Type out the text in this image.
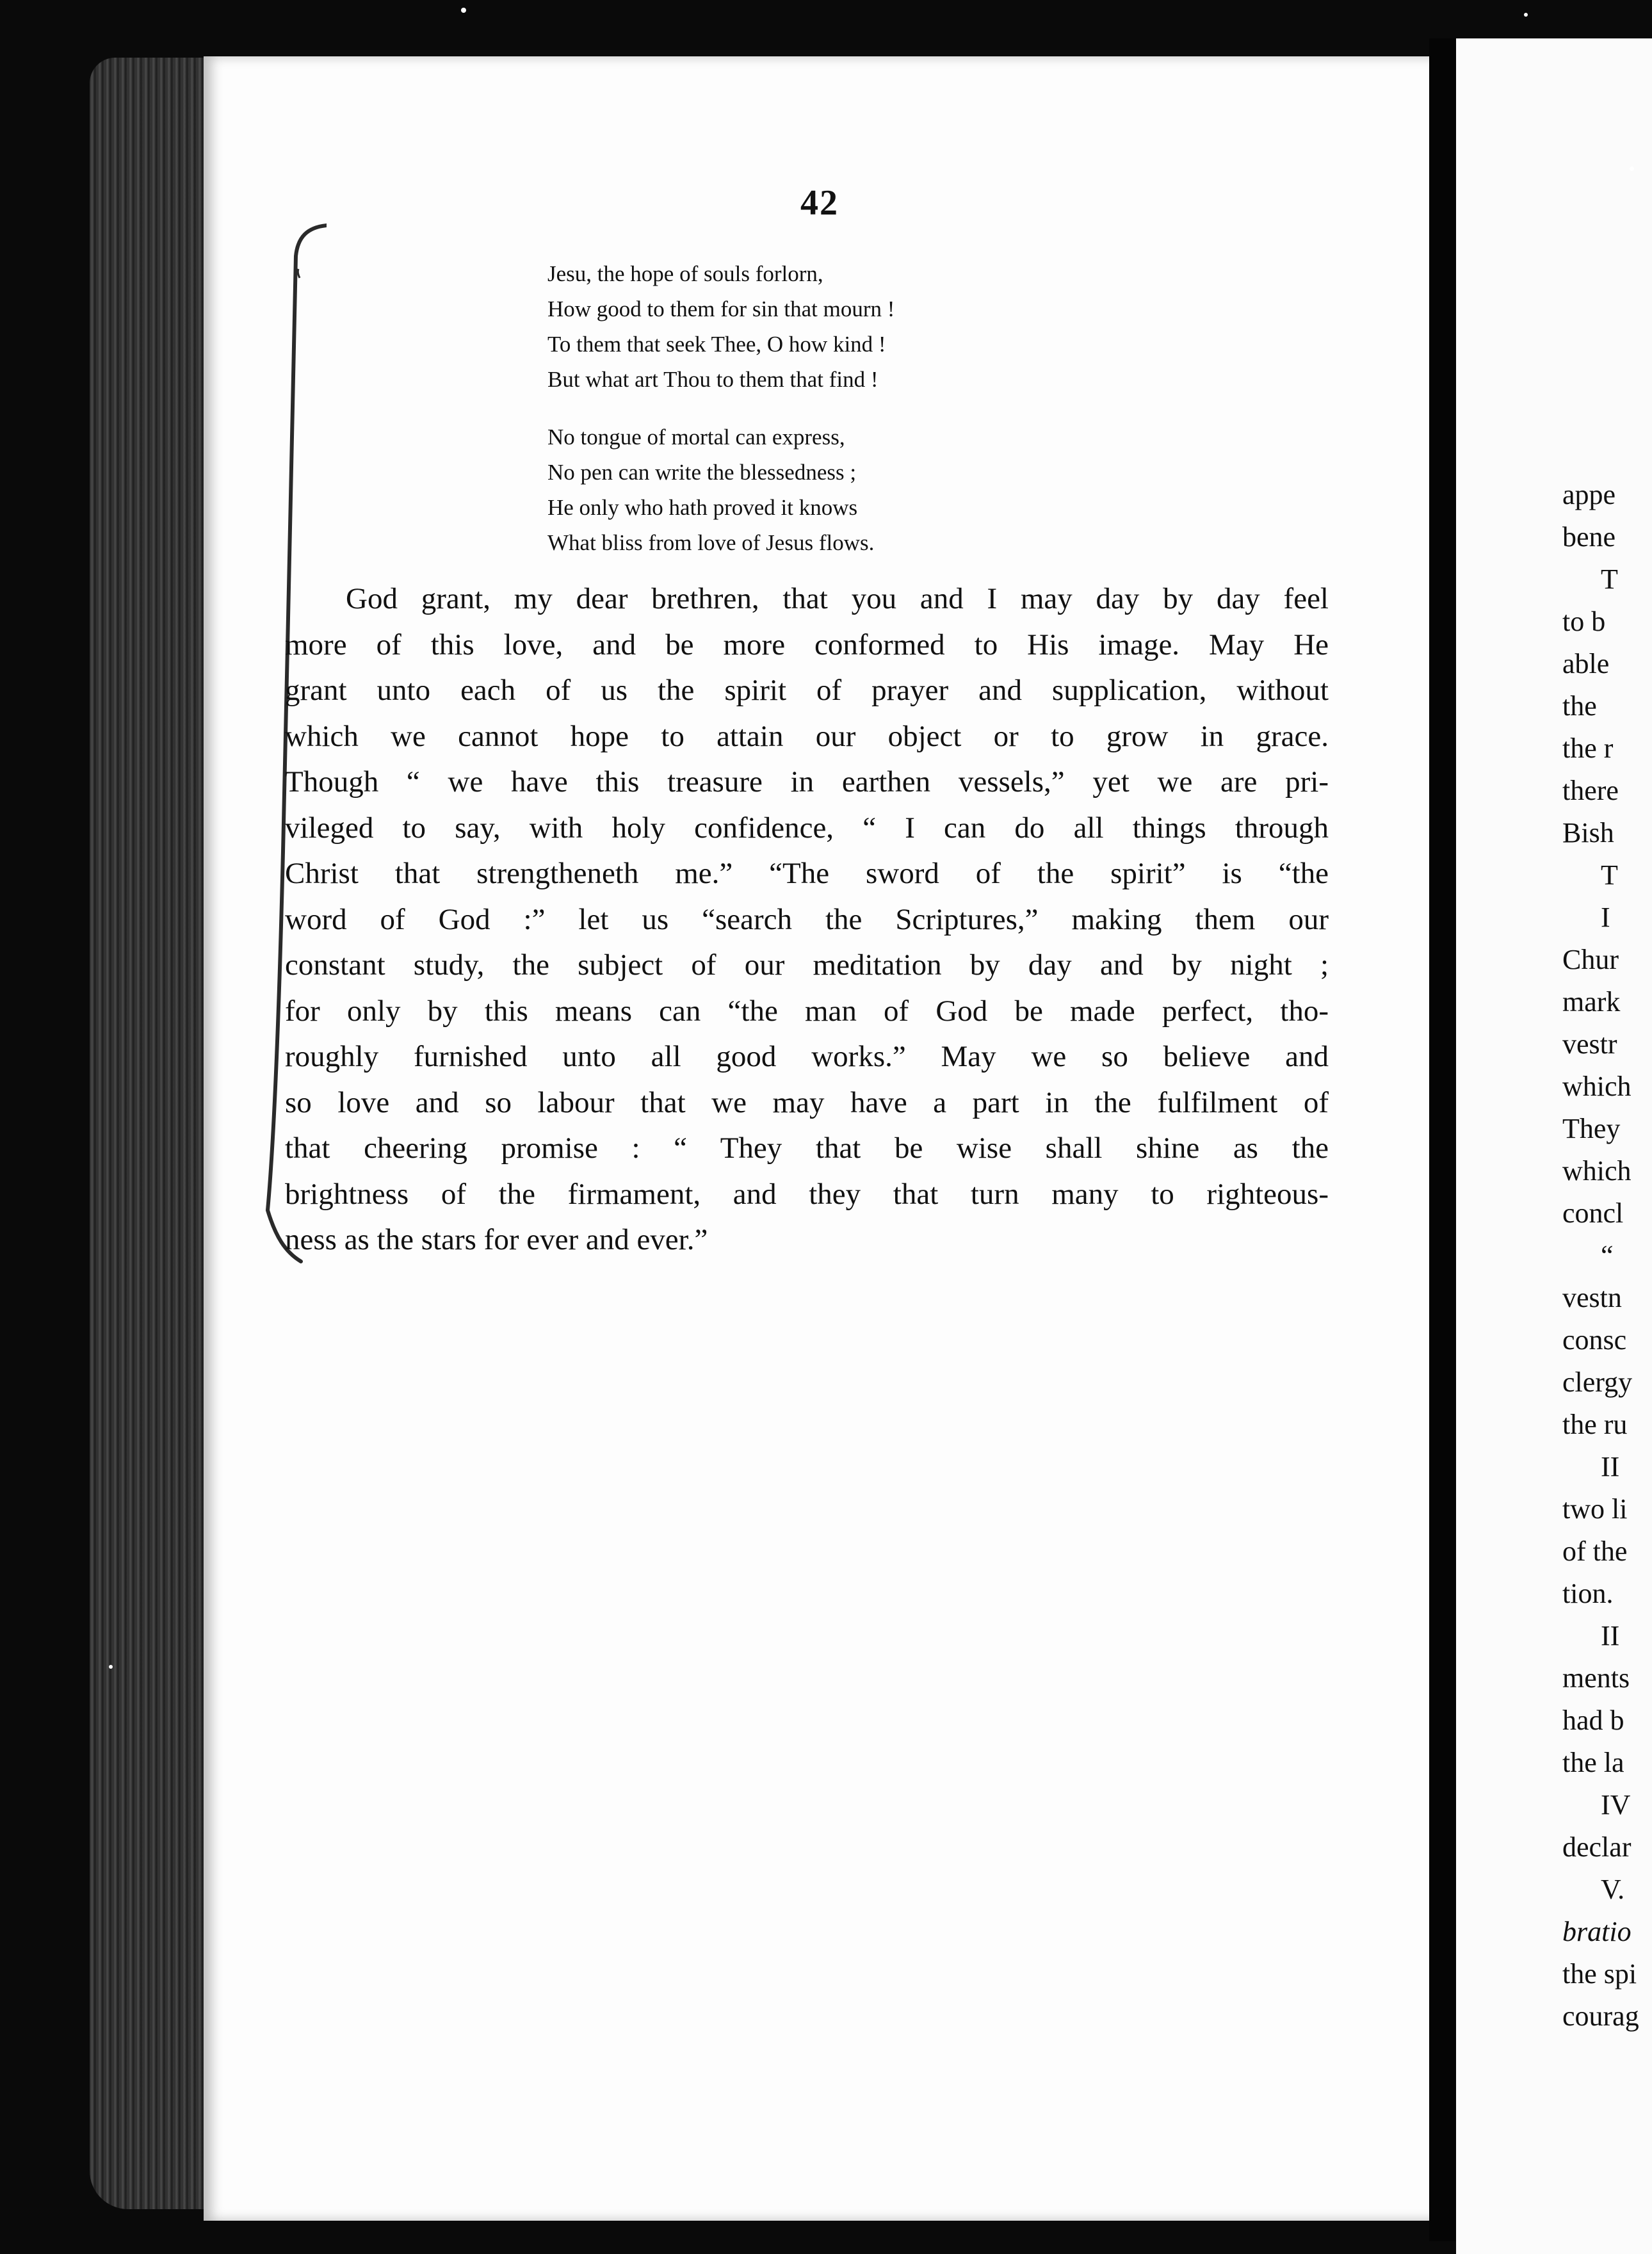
42
Jesu, the hope of souls forlorn,
How good to them for sin that mourn !
To them that seek Thee, O how kind !
But what art Thou to them that find !
No tongue of mortal can express,
No pen can write the blessedness ;
He only who hath proved it knows
What bliss from love of Jesus flows.
God grant, my dear brethren, that you and I may day by day feel
more of this love, and be more conformed to His image. May He
grant unto each of us the spirit of prayer and supplication, without
which we cannot hope to attain our object or to grow in grace.
Though “ we have this treasure in earthen vessels,” yet we are pri-
vileged to say, with holy confidence, “ I can do all things through
Christ that strengtheneth me.” “The sword of the spirit” is “the
word of God :” let us “search the Scriptures,” making them our
constant study, the subject of our meditation by day and by night ;
for only by this means can “the man of God be made perfect, tho-
roughly furnished unto all good works.” May we so believe and
so love and so labour that we may have a part in the fulfilment of
that cheering promise : “ They that be wise shall shine as the
brightness of the firmament, and they that turn many to righteous-
ness as the stars for ever and ever.”
appe
bene
T
to b
able
the
the r
there
Bish
T
I
Chur
mark
vestr
which
They
which
concl
“
vestn
consc
clergy
the ru
II
two li
of the
tion.
II
ments
had b
the la
IV
declar
V.
bratio
the spi
courag
